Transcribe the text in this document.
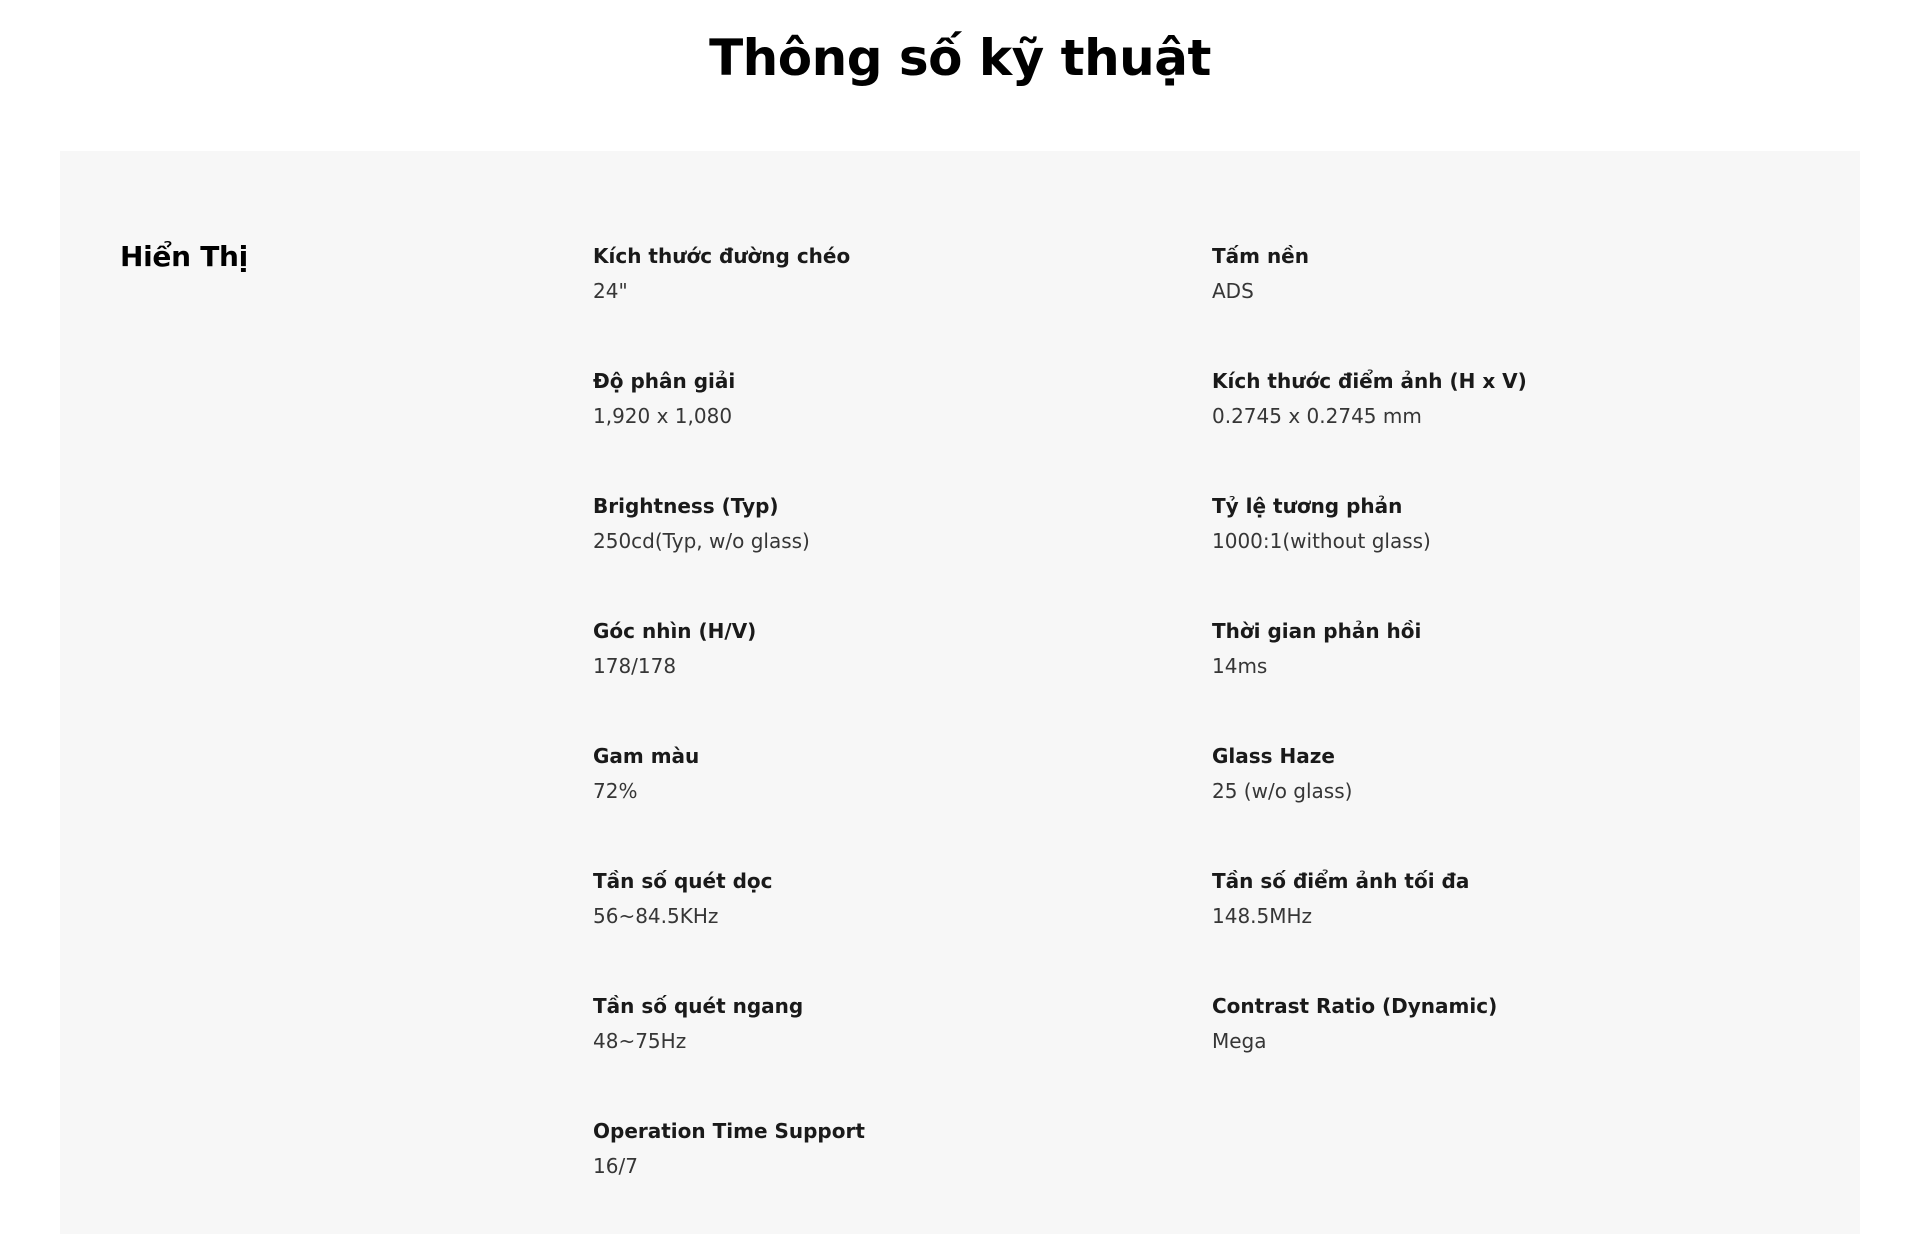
Thông số kỹ thuật
Hiển Thị	Kích thước đường chéo
24"
Tấm nền
ADS
Độ phân giải
1,920 x 1,080
Kích thước điểm ảnh (H x V)
0.2745 x 0.2745 mm
Brightness (Typ)
250cd(Typ, w/o glass)
Tỷ lệ tương phản
1000:1(without glass)
Góc nhìn (H/V)
178/178
Thời gian phản hồi
14ms
Gam màu
72%
Glass Haze
25 (w/o glass)
Tần số quét dọc
56~84.5KHz
Tần số điểm ảnh tối đa
148.5MHz
Tần số quét ngang
48~75Hz
Contrast Ratio (Dynamic)
Mega
Operation Time Support
16/7
